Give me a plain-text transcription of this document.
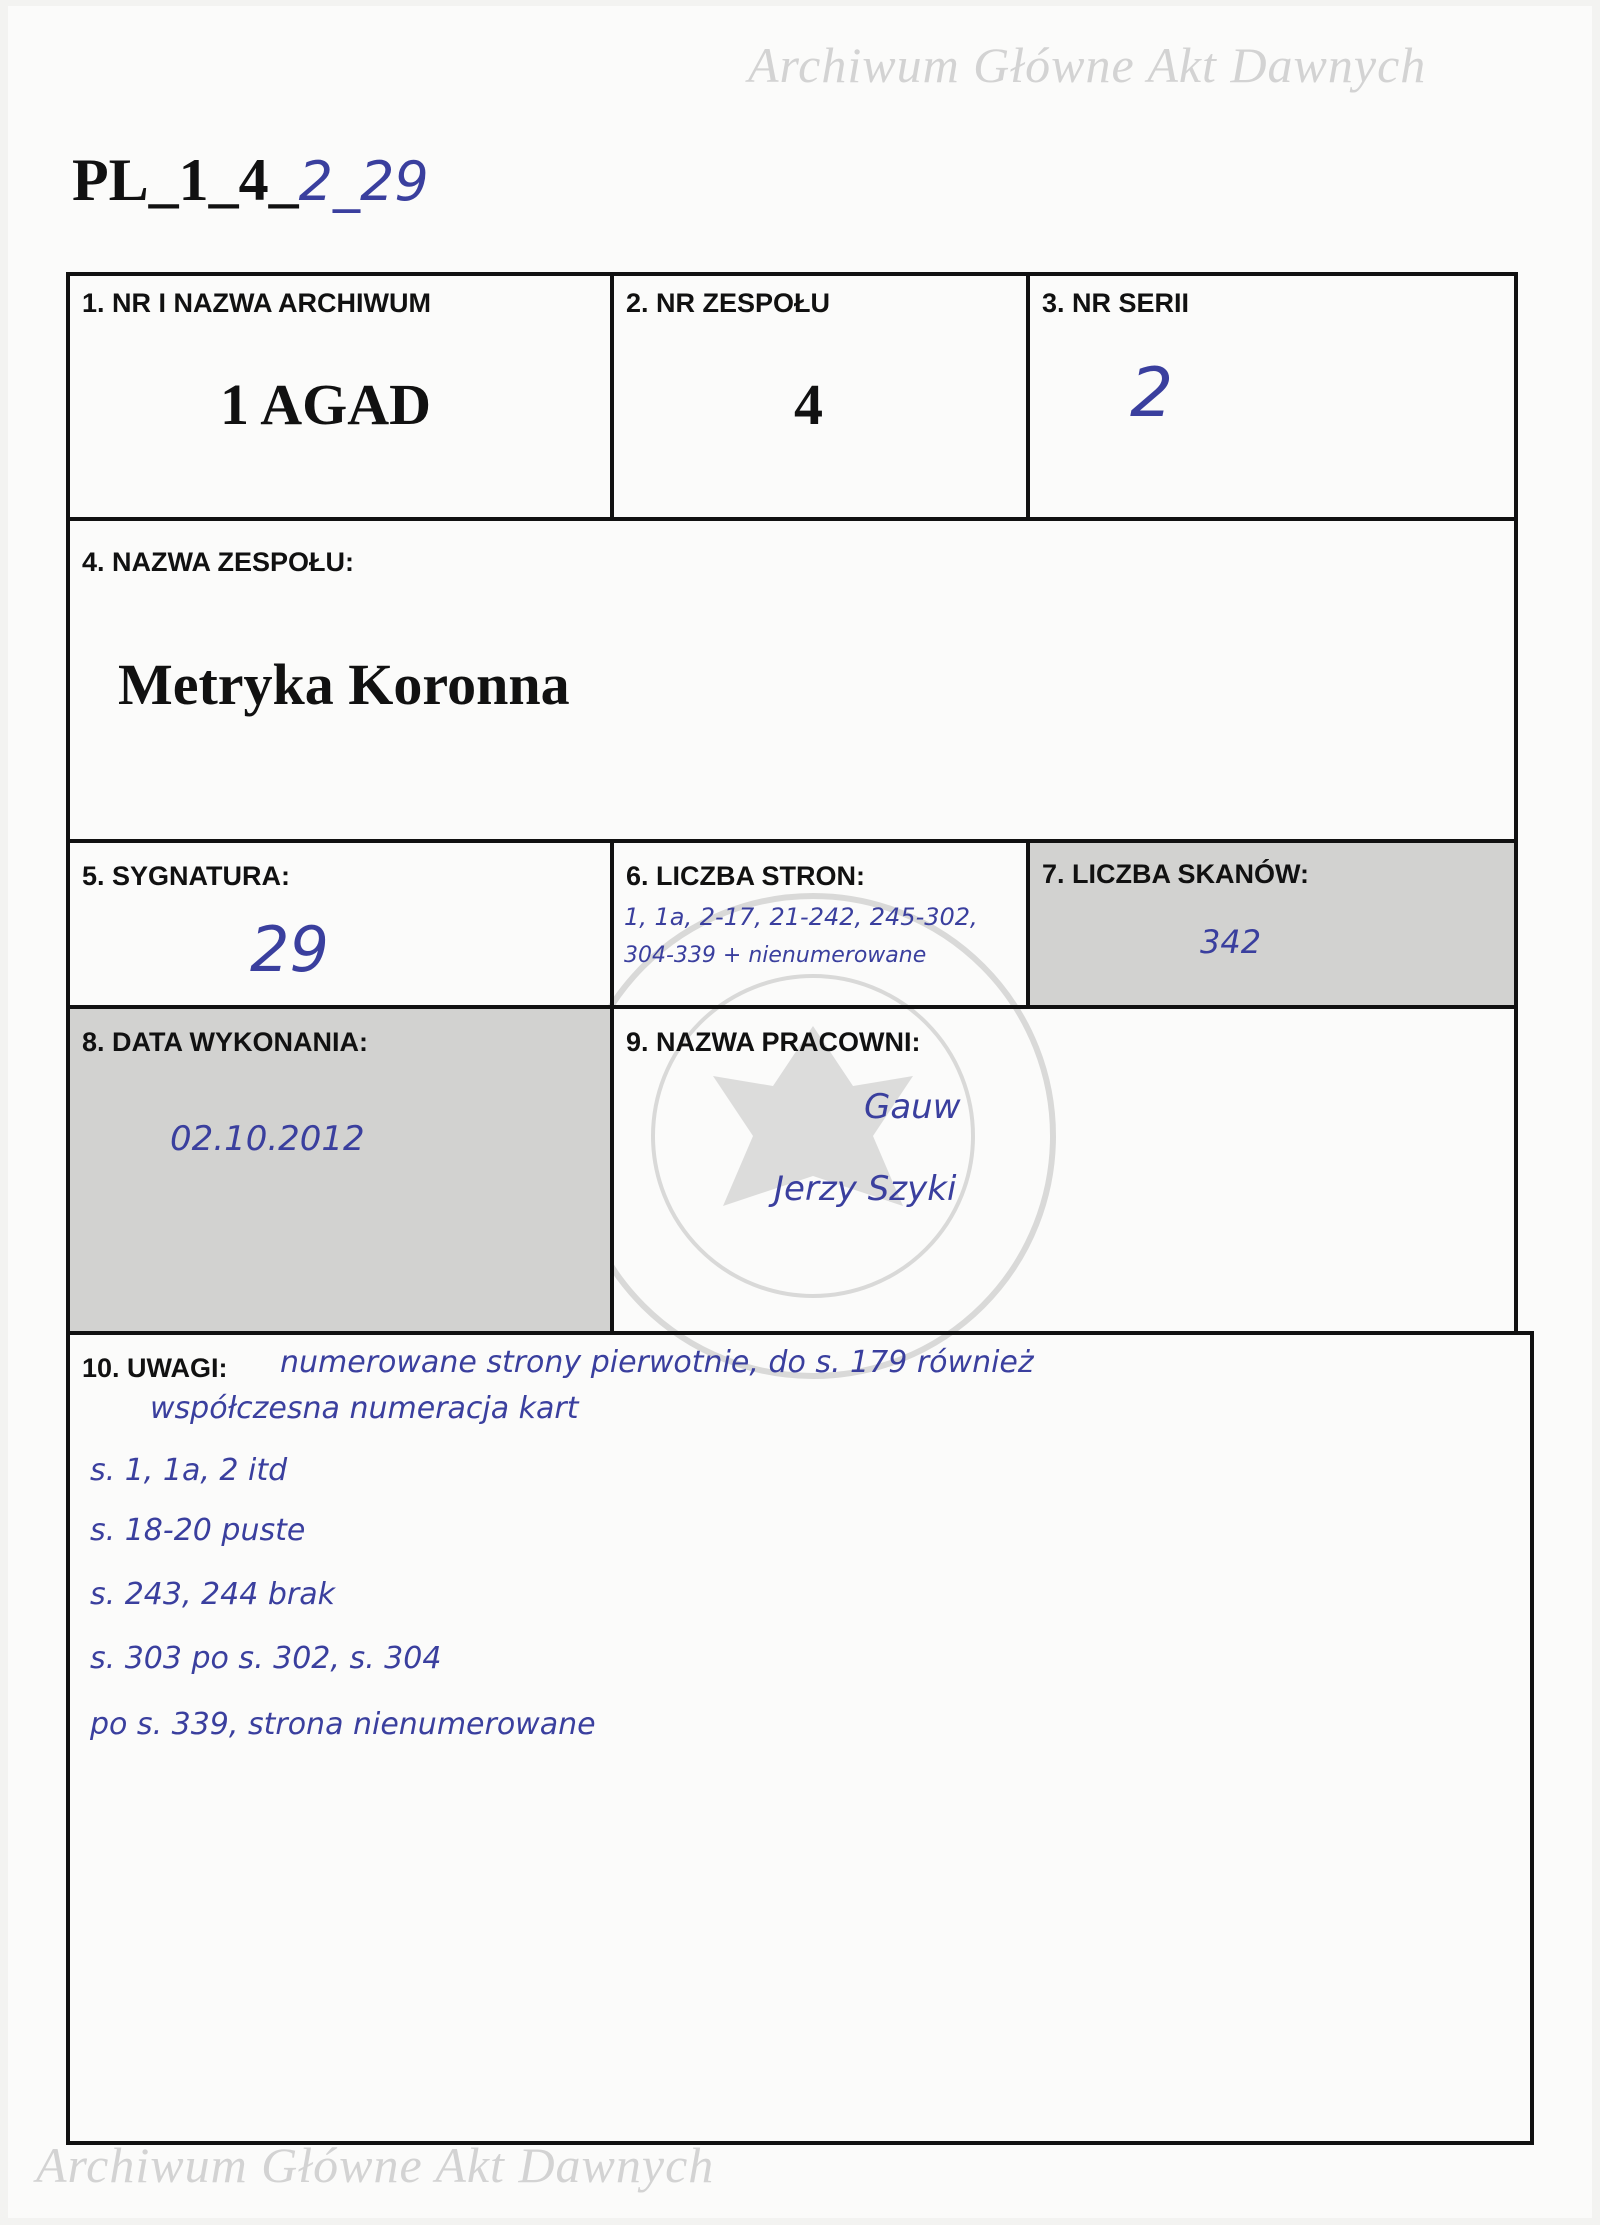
Archiwum Główne Akt Dawnych
Archiwum Główne Akt Dawnych
PL_1_4_2_29
1. NR I NAZWA ARCHIWUM
1 AGAD
2. NR ZESPOŁU
4
3. NR SERII
2
4. NAZWA ZESPOŁU:
Metryka Koronna
5. SYGNATURA:
29
6. LICZBA STRON:
1, 1a, 2-17, 21-242, 245-302,
304-339 + nienumerowane
7. LICZBA SKANÓW:
342
8. DATA WYKONANIA:
02.10.2012
9. NAZWA PRACOWNI:
Gauw
Jerzy Szyki
10. UWAGI: numerowane strony pierwotnie, do s. 179 również
współczesna numeracja kart
s. 1, 1a, 2 itd
s. 18-20 puste
s. 243, 244 brak
s. 303 po s. 302, s. 304
po s. 339, strona nienumerowane
